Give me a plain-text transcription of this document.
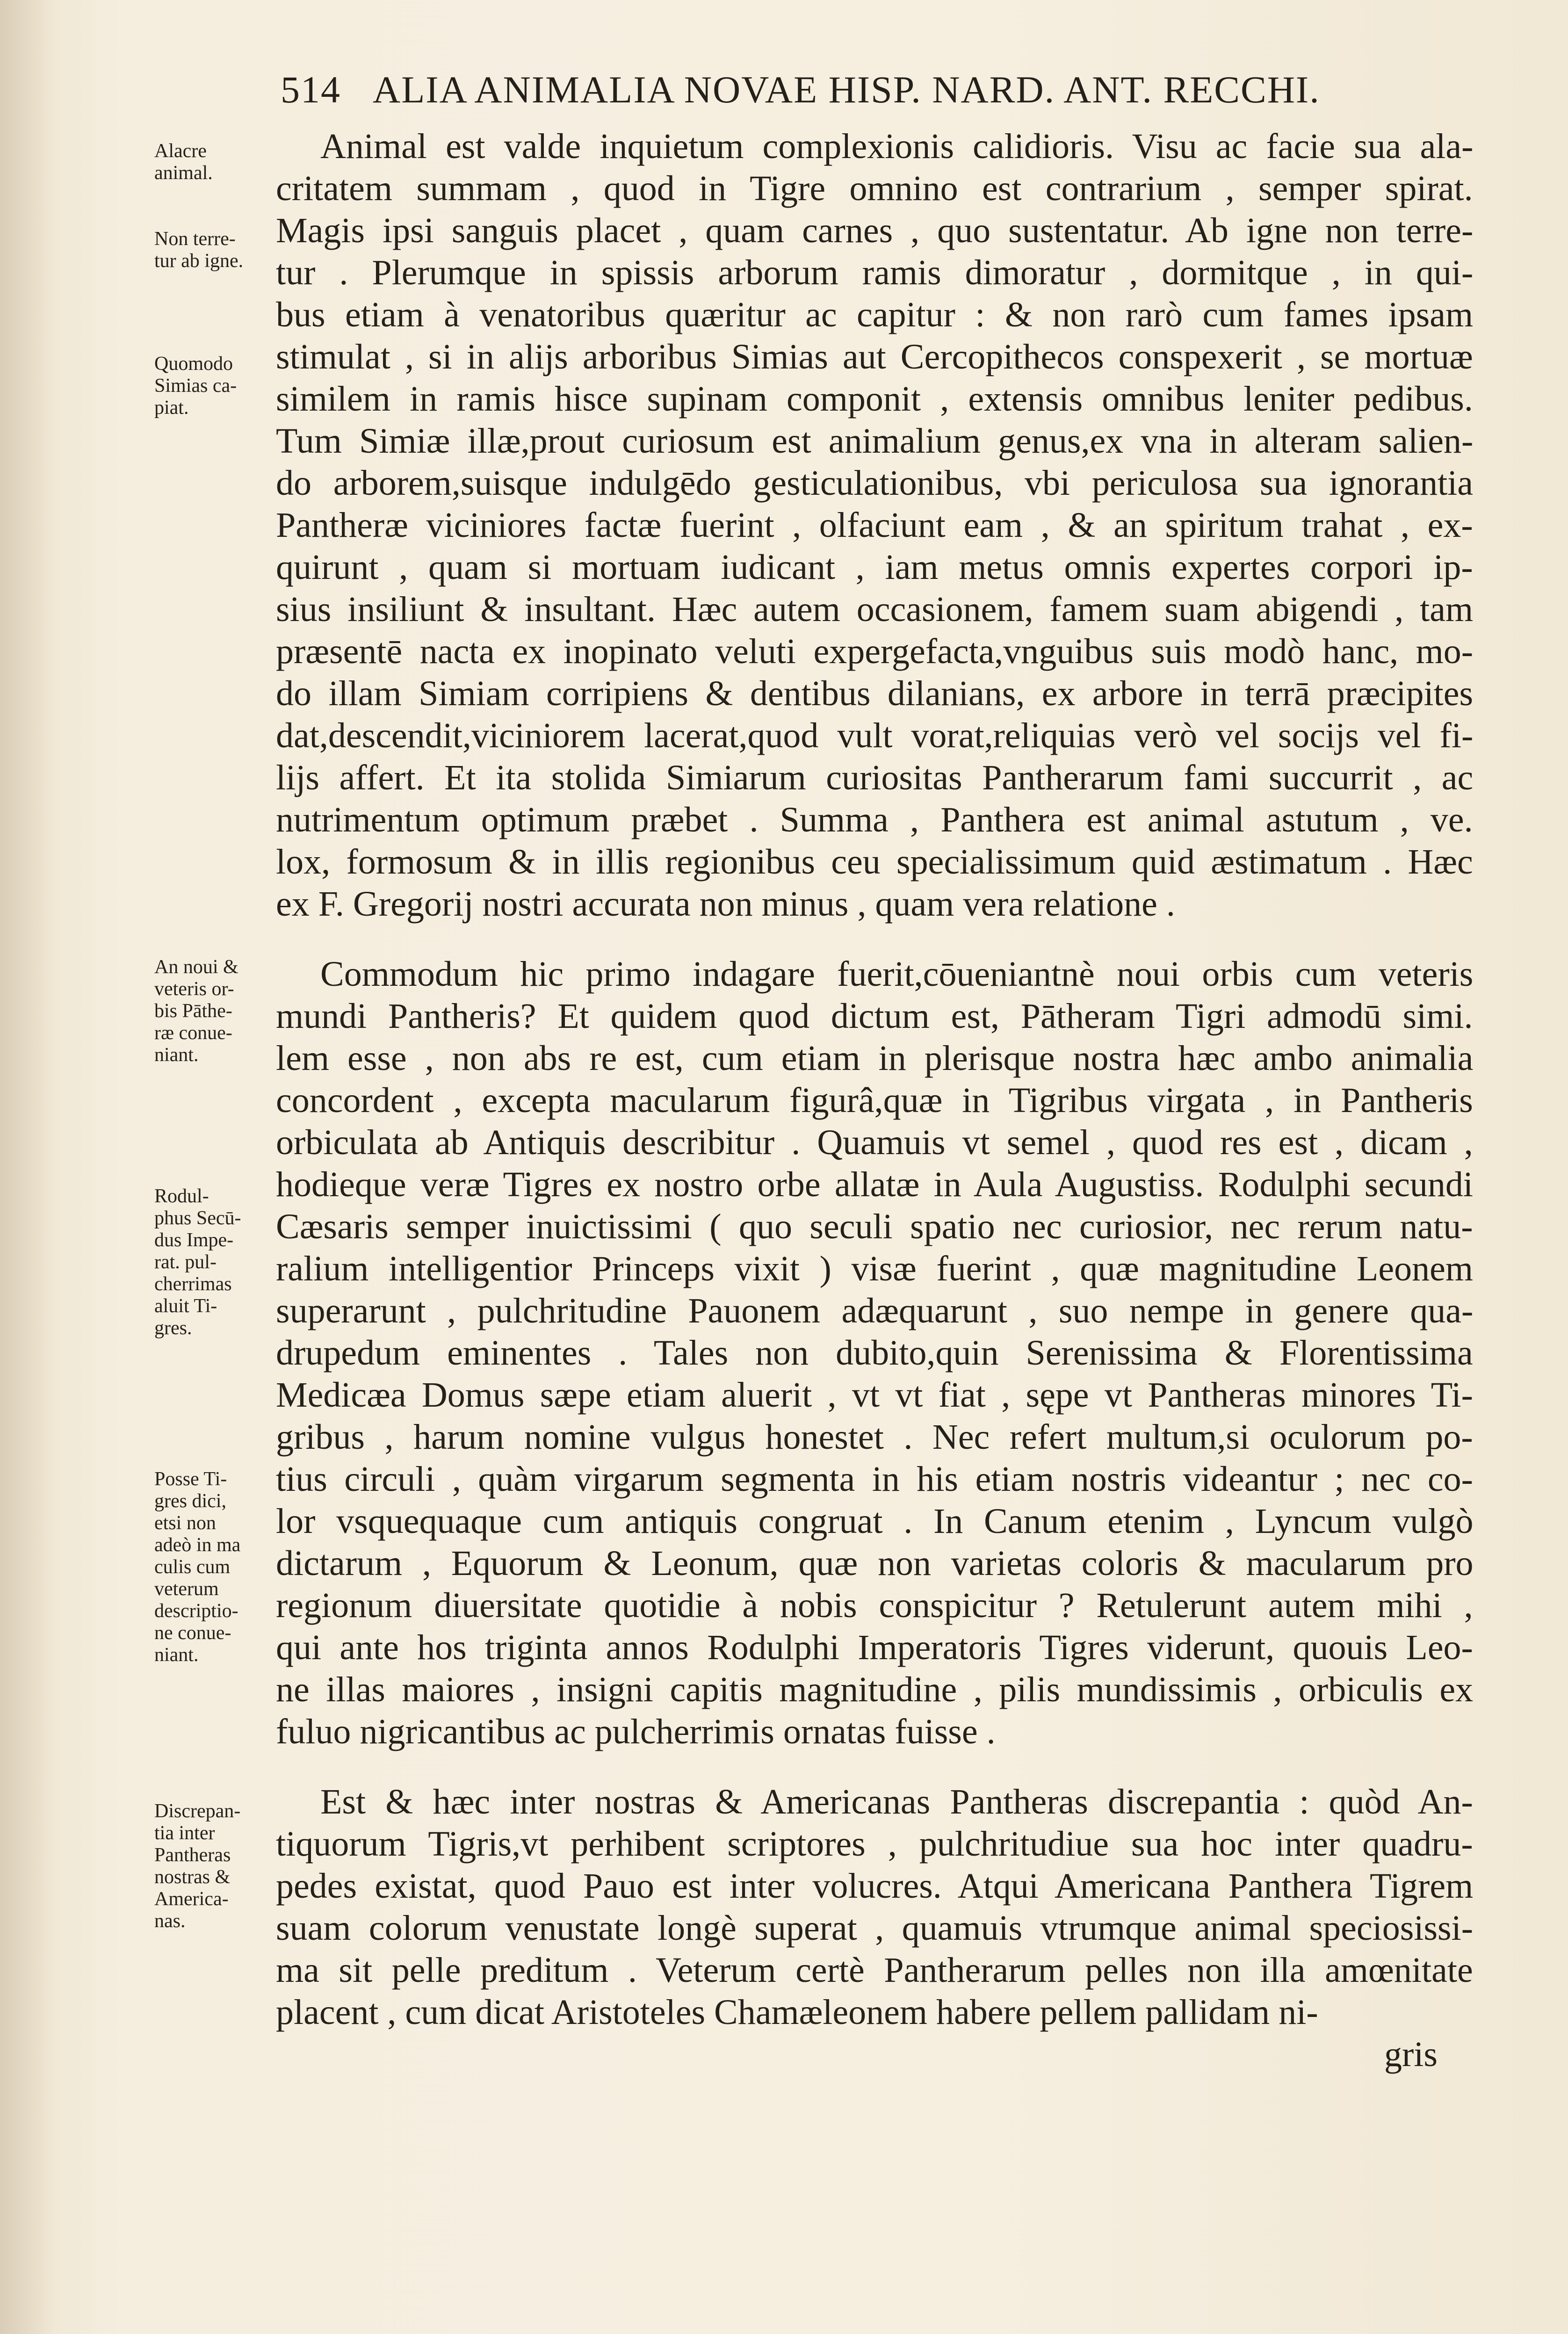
514 ALIA ANIMALIA NOVAE HISP. NARD. ANT. RECCHI.
Alacre
animal.
Non terre-
tur ab igne.
Quomodo
Simias ca-
piat.
An noui &
veteris or-
bis Pāthe-
ræ conue-
niant.
Rodul-
phus Secū-
dus Impe-
rat. pul-
cherrimas
aluit Ti-
gres.
Posse Ti-
gres dici,
etsi non
adeò in ma
culis cum
veterum
descriptio-
ne conue-
niant.
Discrepan-
tia inter
Pantheras
nostras &
America-
nas.
Animal est valde inquietum complexionis calidioris. Visu ac facie sua ala-
critatem summam , quod in Tigre omnino est contrarium , semper spirat.
Magis ipsi sanguis placet , quam carnes , quo sustentatur. Ab igne non terre-
tur . Plerumque in spissis arborum ramis dimoratur , dormitque , in qui-
bus etiam à venatoribus quæritur ac capitur : & non rarò cum fames ipsam
stimulat , si in alijs arboribus Simias aut Cercopithecos conspexerit , se mortuæ
similem in ramis hisce supinam componit , extensis omnibus leniter pedibus.
Tum Simiæ illæ,prout curiosum est animalium genus,ex vna in alteram salien-
do arborem,suisque indulgēdo gesticulationibus, vbi periculosa sua ignorantia
Pantheræ viciniores factæ fuerint , olfaciunt eam , & an spiritum trahat , ex-
quirunt , quam si mortuam iudicant , iam metus omnis expertes corpori ip-
sius insiliunt & insultant. Hæc autem occasionem, famem suam abigendi , tam
præsentē nacta ex inopinato veluti expergefacta,vnguibus suis modò hanc, mo-
do illam Simiam corripiens & dentibus dilanians, ex arbore in terrā præcipites
dat,descendit,viciniorem lacerat,quod vult vorat,reliquias verò vel socijs vel fi-
lijs affert. Et ita stolida Simiarum curiositas Pantherarum fami succurrit , ac
nutrimentum optimum præbet . Summa , Panthera est animal astutum , ve.
lox, formosum & in illis regionibus ceu specialissimum quid æstimatum . Hæc
ex F. Gregorij nostri accurata non minus , quam vera relatione .
Commodum hic primo indagare fuerit,cōueniantnè noui orbis cum veteris
mundi Pantheris? Et quidem quod dictum est, Pātheram Tigri admodū simi.
lem esse , non abs re est, cum etiam in plerisque nostra hæc ambo animalia
concordent , excepta macularum figurâ,quæ in Tigribus virgata , in Pantheris
orbiculata ab Antiquis describitur . Quamuis vt semel , quod res est , dicam ,
hodieque veræ Tigres ex nostro orbe allatæ in Aula Augustiss. Rodulphi secundi
Cæsaris semper inuictissimi ( quo seculi spatio nec curiosior, nec rerum natu-
ralium intelligentior Princeps vixit ) visæ fuerint , quæ magnitudine Leonem
superarunt , pulchritudine Pauonem adæquarunt , suo nempe in genere qua-
drupedum eminentes . Tales non dubito,quin Serenissima & Florentissima
Medicæa Domus sæpe etiam aluerit , vt vt fiat , sępe vt Pantheras minores Ti-
gribus , harum nomine vulgus honestet . Nec refert multum,si oculorum po-
tius circuli , quàm virgarum segmenta in his etiam nostris videantur ; nec co-
lor vsquequaque cum antiquis congruat . In Canum etenim , Lyncum vulgò
dictarum , Equorum & Leonum, quæ non varietas coloris & macularum pro
regionum diuersitate quotidie à nobis conspicitur ? Retulerunt autem mihi ,
qui ante hos triginta annos Rodulphi Imperatoris Tigres viderunt, quouis Leo-
ne illas maiores , insigni capitis magnitudine , pilis mundissimis , orbiculis ex
fuluo nigricantibus ac pulcherrimis ornatas fuisse .
Est & hæc inter nostras & Americanas Pantheras discrepantia : quòd An-
tiquorum Tigris,vt perhibent scriptores , pulchritudiue sua hoc inter quadru-
pedes existat, quod Pauo est inter volucres. Atqui Americana Panthera Tigrem
suam colorum venustate longè superat , quamuis vtrumque animal speciosissi-
ma sit pelle preditum . Veterum certè Pantherarum pelles non illa amœnitate
placent , cum dicat Aristoteles Chamæleonem habere pellem pallidam ni-
gris
